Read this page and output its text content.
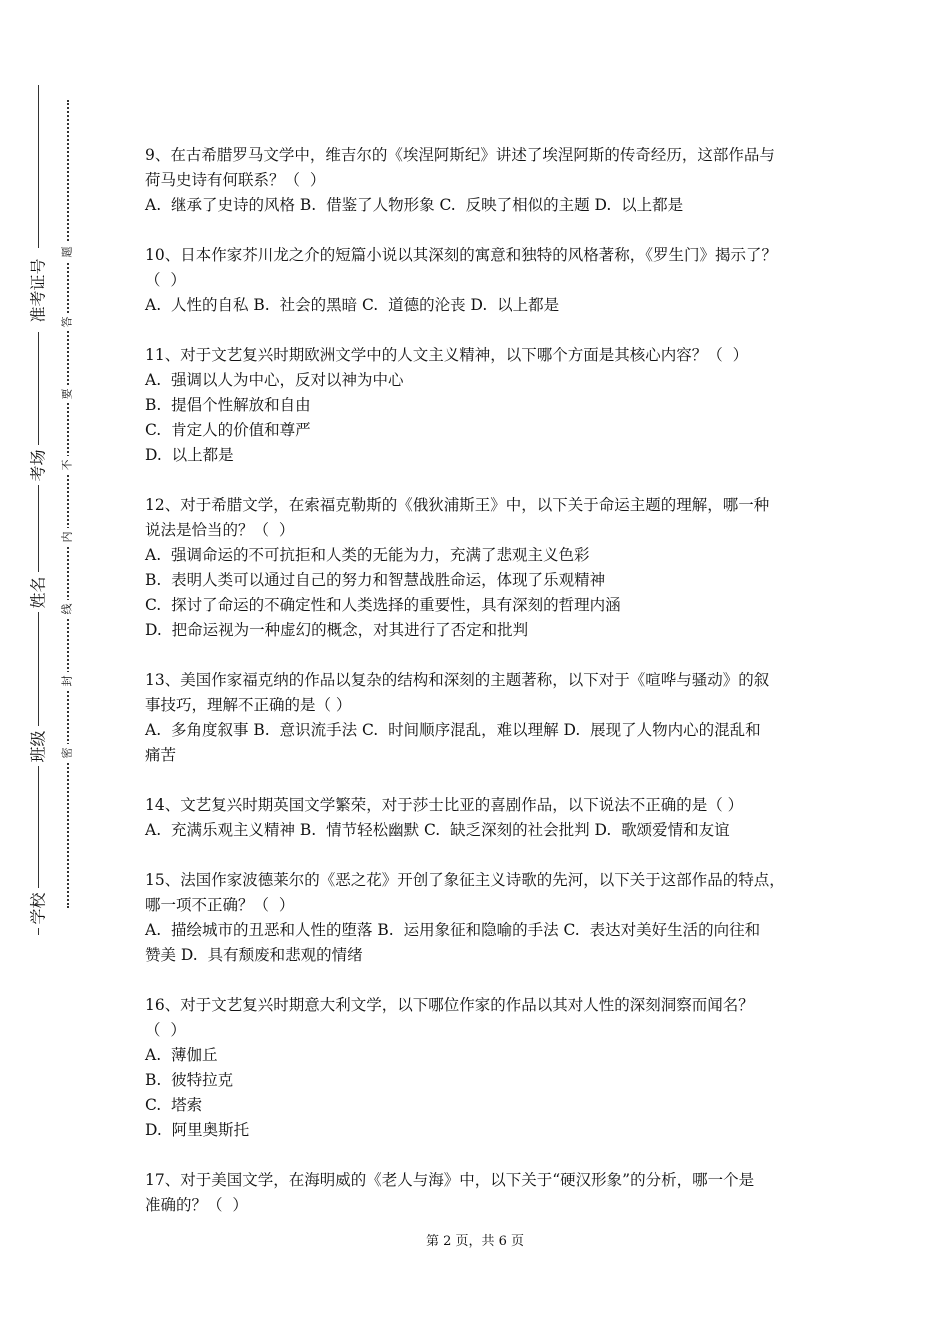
准考证号
考场
姓名
班级
学校
题
答
要
不
内
线
封
密
9、在古希腊罗马文学中，维吉尔的《埃涅阿斯纪》讲述了埃涅阿斯的传奇经历，这部作品与
荷马史诗有何联系？（  ）
A.  继承了史诗的风格 B.  借鉴了人物形象 C.  反映了相似的主题 D.  以上都是
10、日本作家芥川龙之介的短篇小说以其深刻的寓意和独特的风格著称，《罗生门》揭示了？
（  ）
A.  人性的自私 B.  社会的黑暗 C.  道德的沦丧 D.  以上都是
11、对于文艺复兴时期欧洲文学中的人文主义精神，以下哪个方面是其核心内容？（  ）
A.  强调以人为中心，反对以神为中心
B.  提倡个性解放和自由
C.  肯定人的价值和尊严
D.  以上都是
12、对于希腊文学，在索福克勒斯的《俄狄浦斯王》中，以下关于命运主题的理解，哪一种
说法是恰当的？（  ）
A.  强调命运的不可抗拒和人类的无能为力，充满了悲观主义色彩
B.  表明人类可以通过自己的努力和智慧战胜命运，体现了乐观精神
C.  探讨了命运的不确定性和人类选择的重要性，具有深刻的哲理内涵
D.  把命运视为一种虚幻的概念，对其进行了否定和批判
13、美国作家福克纳的作品以复杂的结构和深刻的主题著称，以下对于《喧哗与骚动》的叙
事技巧，理解不正确的是（ ）
A.  多角度叙事 B.  意识流手法 C.  时间顺序混乱，难以理解 D.  展现了人物内心的混乱和
痛苦
14、文艺复兴时期英国文学繁荣，对于莎士比亚的喜剧作品，以下说法不正确的是（ ）
A.  充满乐观主义精神 B.  情节轻松幽默 C.  缺乏深刻的社会批判 D.  歌颂爱情和友谊
15、法国作家波德莱尔的《恶之花》开创了象征主义诗歌的先河，以下关于这部作品的特点，
哪一项不正确？（  ）
A.  描绘城市的丑恶和人性的堕落 B.  运用象征和隐喻的手法 C.  表达对美好生活的向往和
赞美 D.  具有颓废和悲观的情绪
16、对于文艺复兴时期意大利文学，以下哪位作家的作品以其对人性的深刻洞察而闻名？
（  ）
A.  薄伽丘
B.  彼特拉克
C.  塔索
D.  阿里奥斯托
17、对于美国文学，在海明威的《老人与海》中，以下关于“硬汉形象”的分析，哪一个是
准确的？（  ）
第 2 页，共 6 页
